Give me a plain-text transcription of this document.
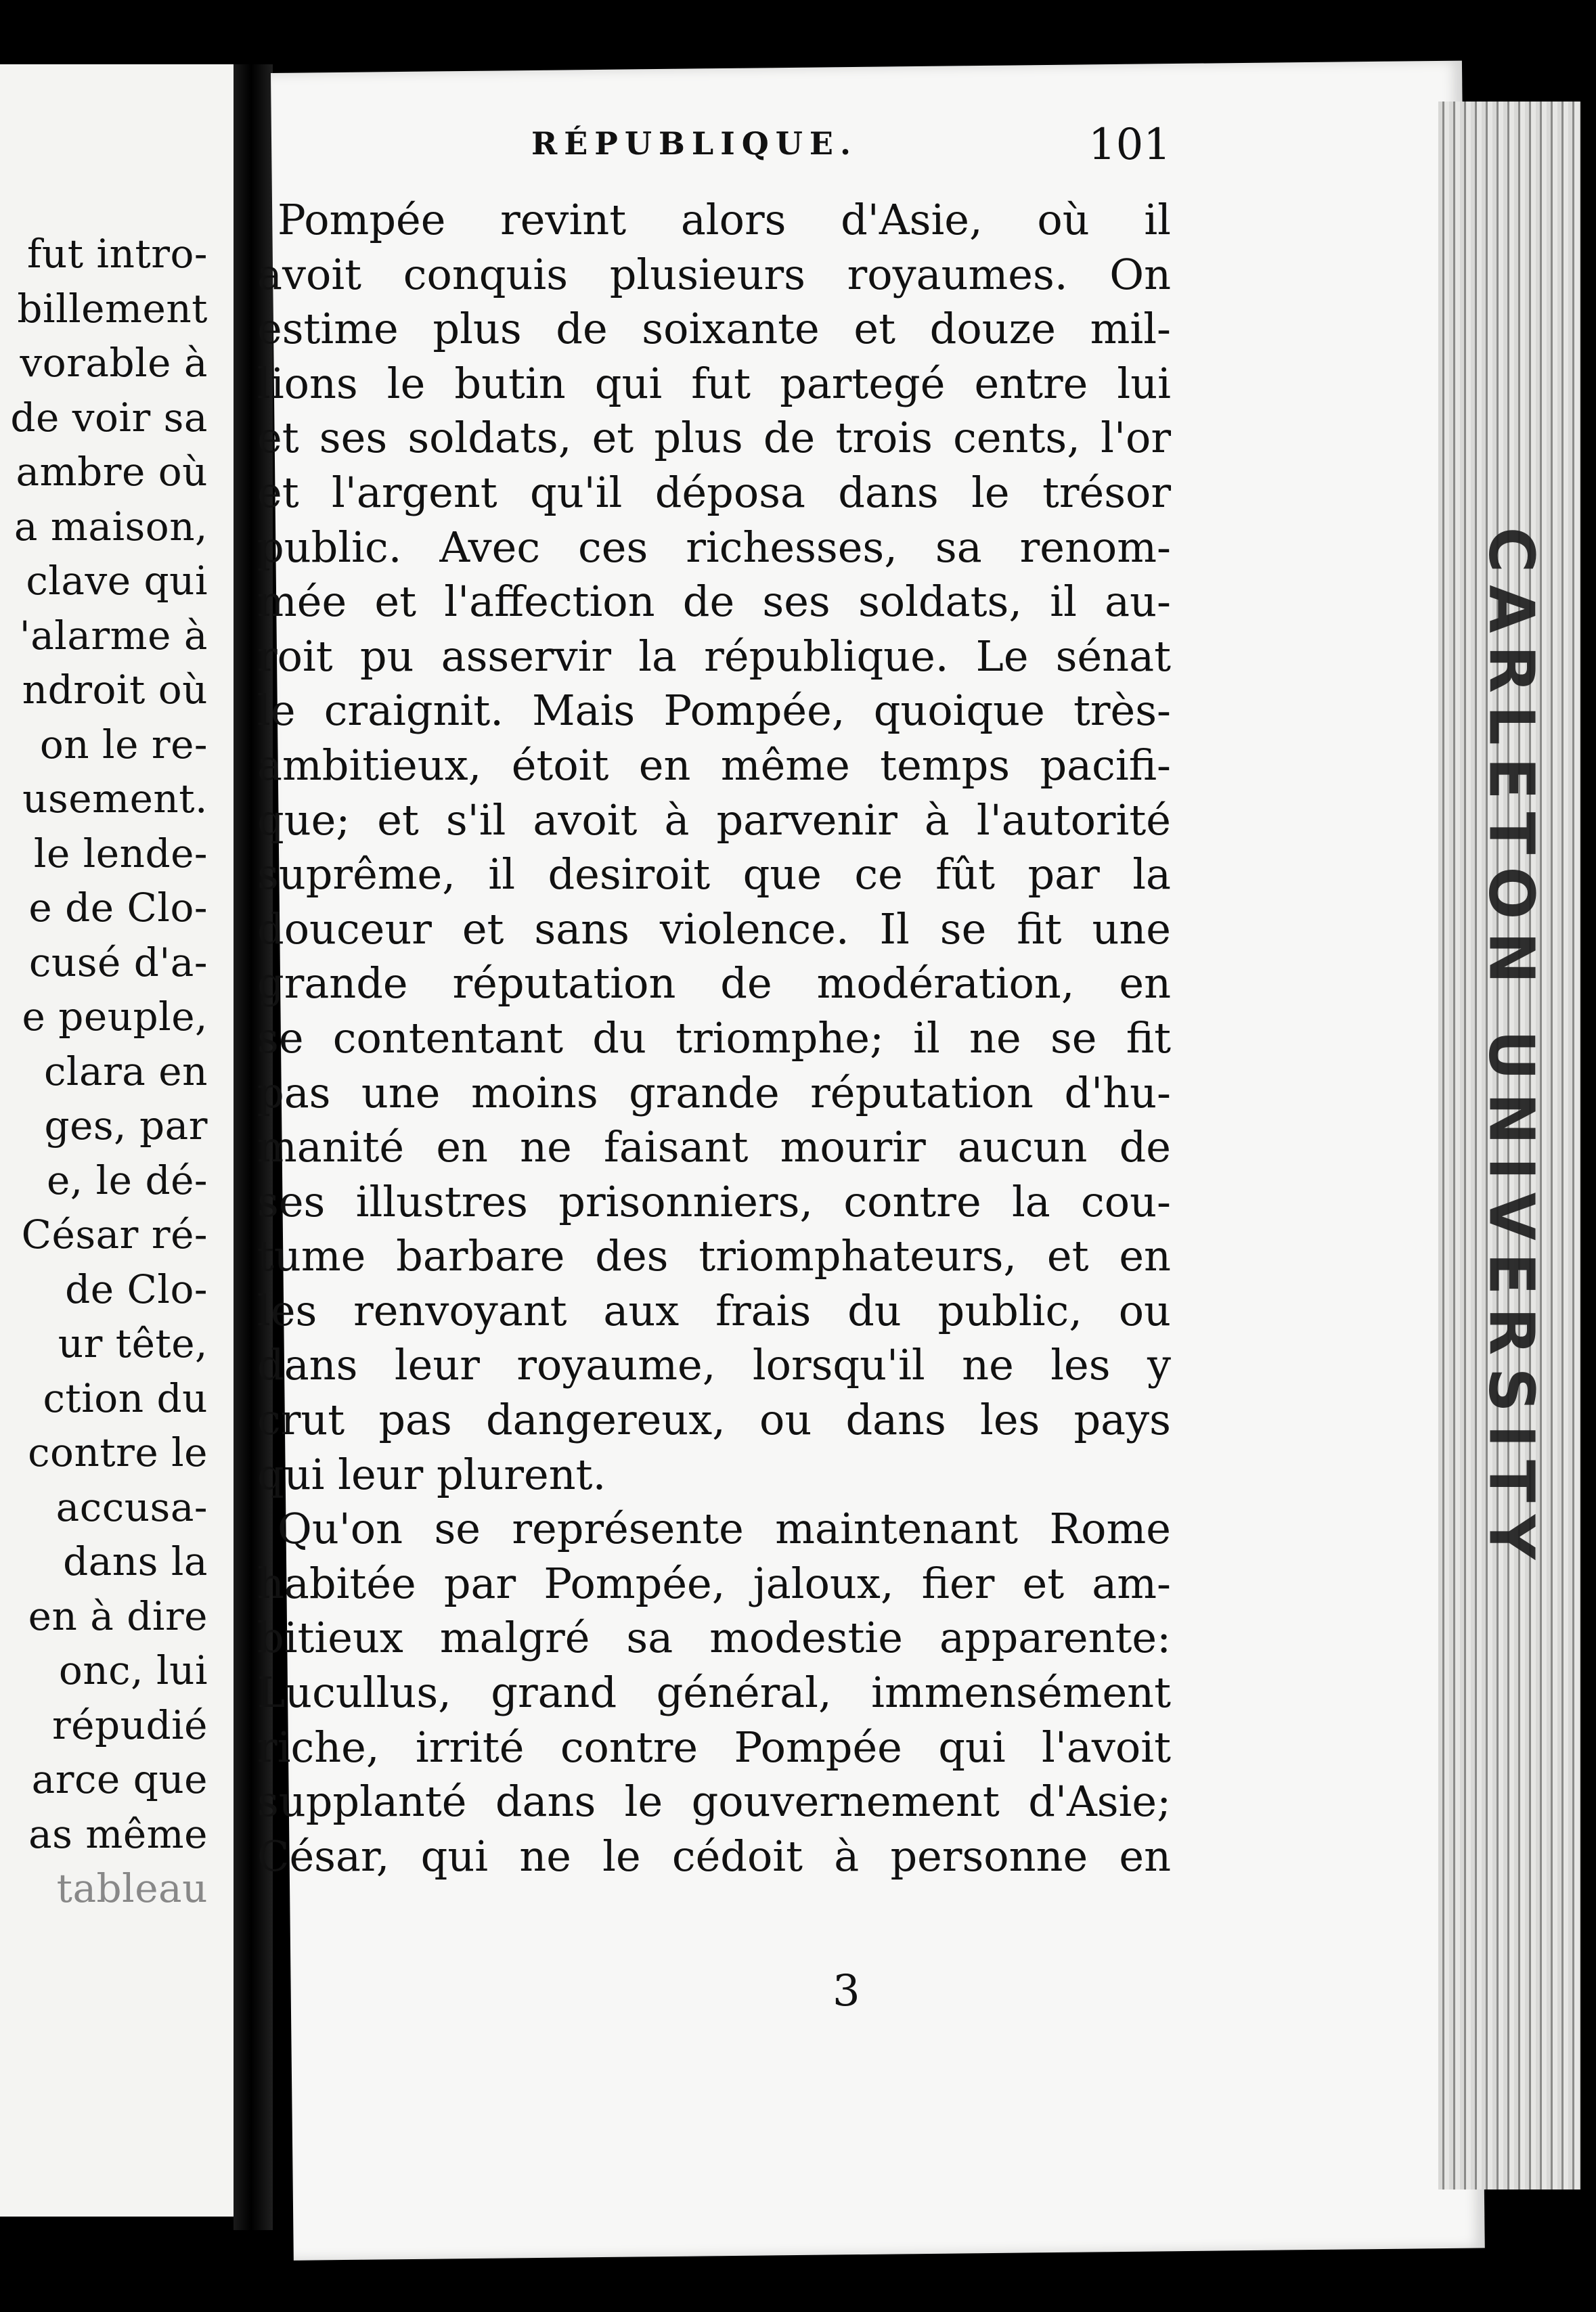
fut intro-
billement
vorable à
de voir sa
ambre où
a maison,
clave qui
'alarme à
ndroit où
on le re-
usement.
le lende-
e de Clo-
cusé d'a-
e peuple,
clara en
ges, par
e, le dé-
César ré-
de Clo-
ur tête,
ction du
contre le
accusa-
dans la
en à dire
onc, lui
répudié
arce que
as même
tableau
CARLETON UNIVERSITY
RÉPUBLIQUE.	101
Pompée revint alors d'Asie, où il
avoit conquis plusieurs royaumes. On
estime plus de soixante et douze mil-
lions le butin qui fut partegé entre lui
et ses soldats, et plus de trois cents, l'or
et l'argent qu'il déposa dans le trésor
public. Avec ces richesses, sa renom-
mée et l'affection de ses soldats, il au-
roit pu asservir la république. Le sénat
le craignit. Mais Pompée, quoique très-
ambitieux, étoit en même temps pacifi-
que; et s'il avoit à parvenir à l'autorité
suprême, il desiroit que ce fût par la
douceur et sans violence. Il se fit une
grande réputation de modération, en
se contentant du triomphe; il ne se fit
pas une moins grande réputation d'hu-
manité en ne faisant mourir aucun de
ses illustres prisonniers, contre la cou-
tume barbare des triomphateurs, et en
les renvoyant aux frais du public, ou
dans leur royaume, lorsqu'il ne les y
crut pas dangereux, ou dans les pays
qui leur plurent.
Qu'on se représente maintenant Rome
habitée par Pompée, jaloux, fier et am-
bitieux malgré sa modestie apparente:
Lucullus, grand général, immensément
riche, irrité contre Pompée qui l'avoit
supplanté dans le gouvernement d'Asie;
César, qui ne le cédoit à personne en
3
